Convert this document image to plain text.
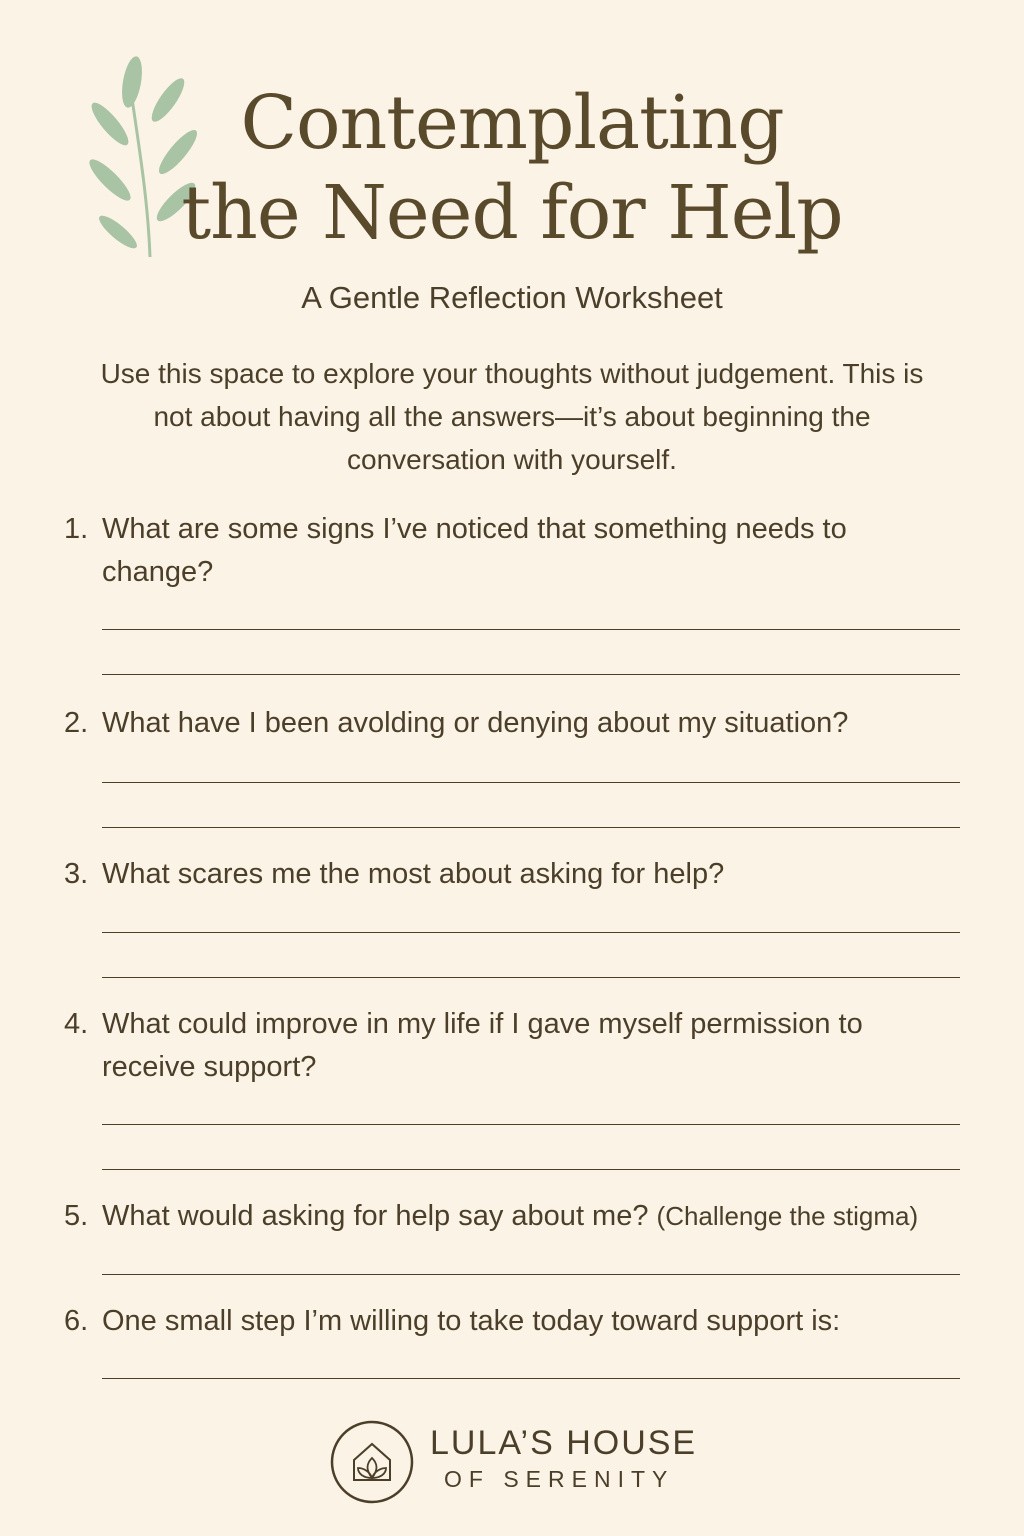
Contemplating
the Need for Help

A Gentle Reflection Worksheet

Use this space to explore your thoughts without judgement. This is not about having all the answers—it’s about beginning the conversation with yourself.

1. What are some signs I’ve noticed that something needs to change?
2. What have I been avolding or denying about my situation?
3. What scares me the most about asking for help?
4. What could improve in my life if I gave myself permission to receive support?
5. What would asking for help say about me? (Challenge the stigma)
6. One small step I’m willing to take today toward support is:
LULA’S HOUSE
OF SERENITY
